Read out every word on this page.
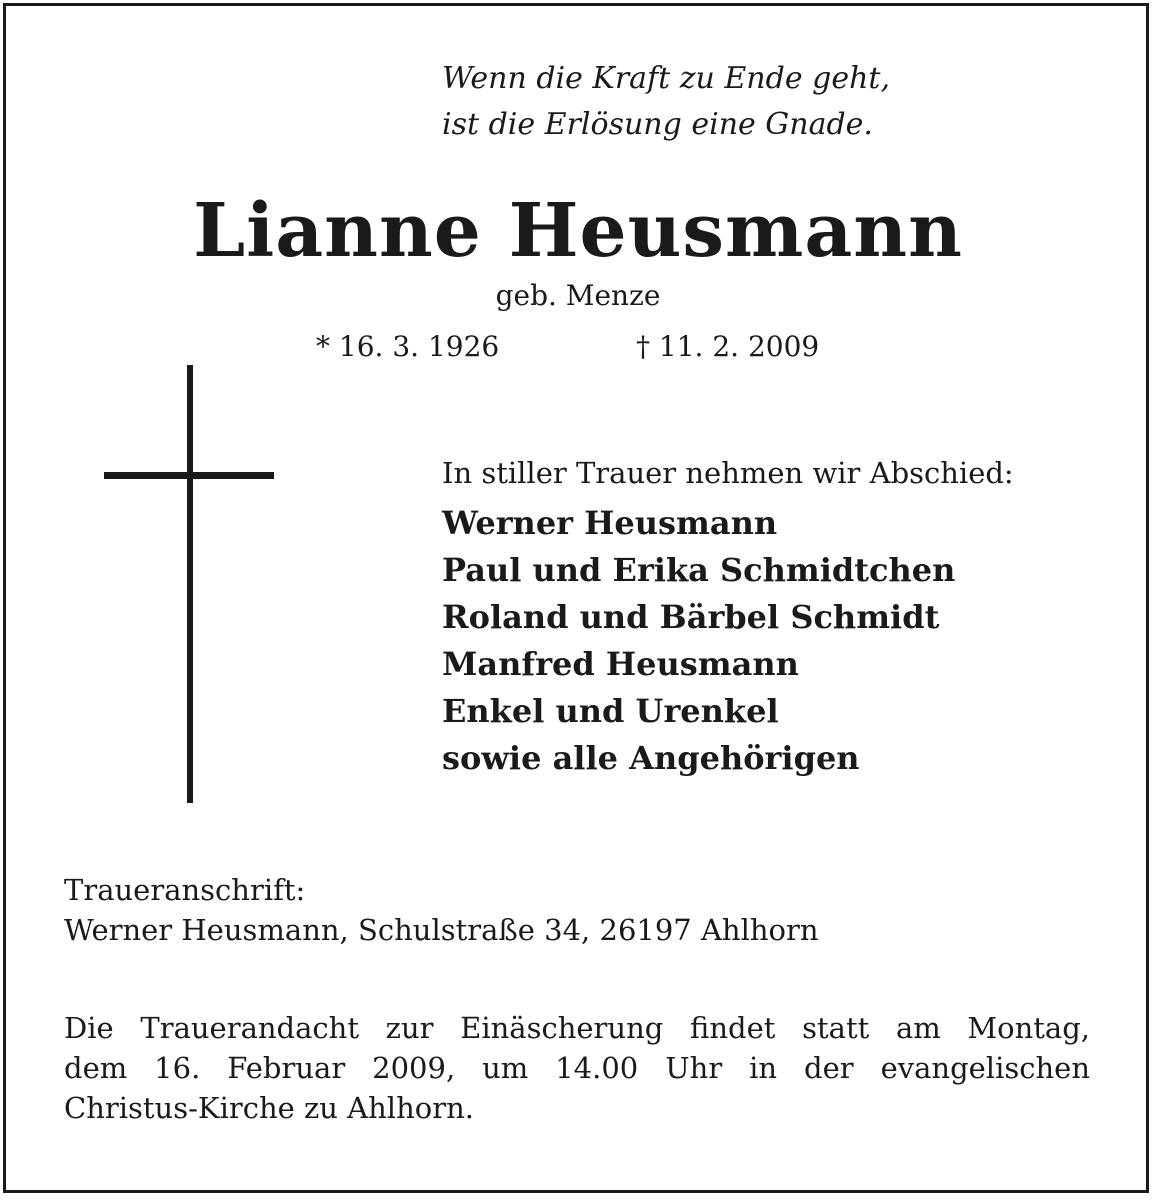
Wenn die Kraft zu Ende geht,
ist die Erlösung eine Gnade.
Lianne Heusmann
geb. Menze
* 16. 3. 1926	† 11. 2. 2009
In stiller Trauer nehmen wir Abschied:
Werner Heusmann
Paul und Erika Schmidtchen
Roland und Bärbel Schmidt
Manfred Heusmann
Enkel und Urenkel
sowie alle Angehörigen
Traueranschrift:
Werner Heusmann, Schulstraße 34, 26197 Ahlhorn
Die Trauerandacht zur Einäscherung findet statt am Montag,
dem 16. Februar 2009, um 14.00 Uhr in der evangelischen
Christus-Kirche zu Ahlhorn.
